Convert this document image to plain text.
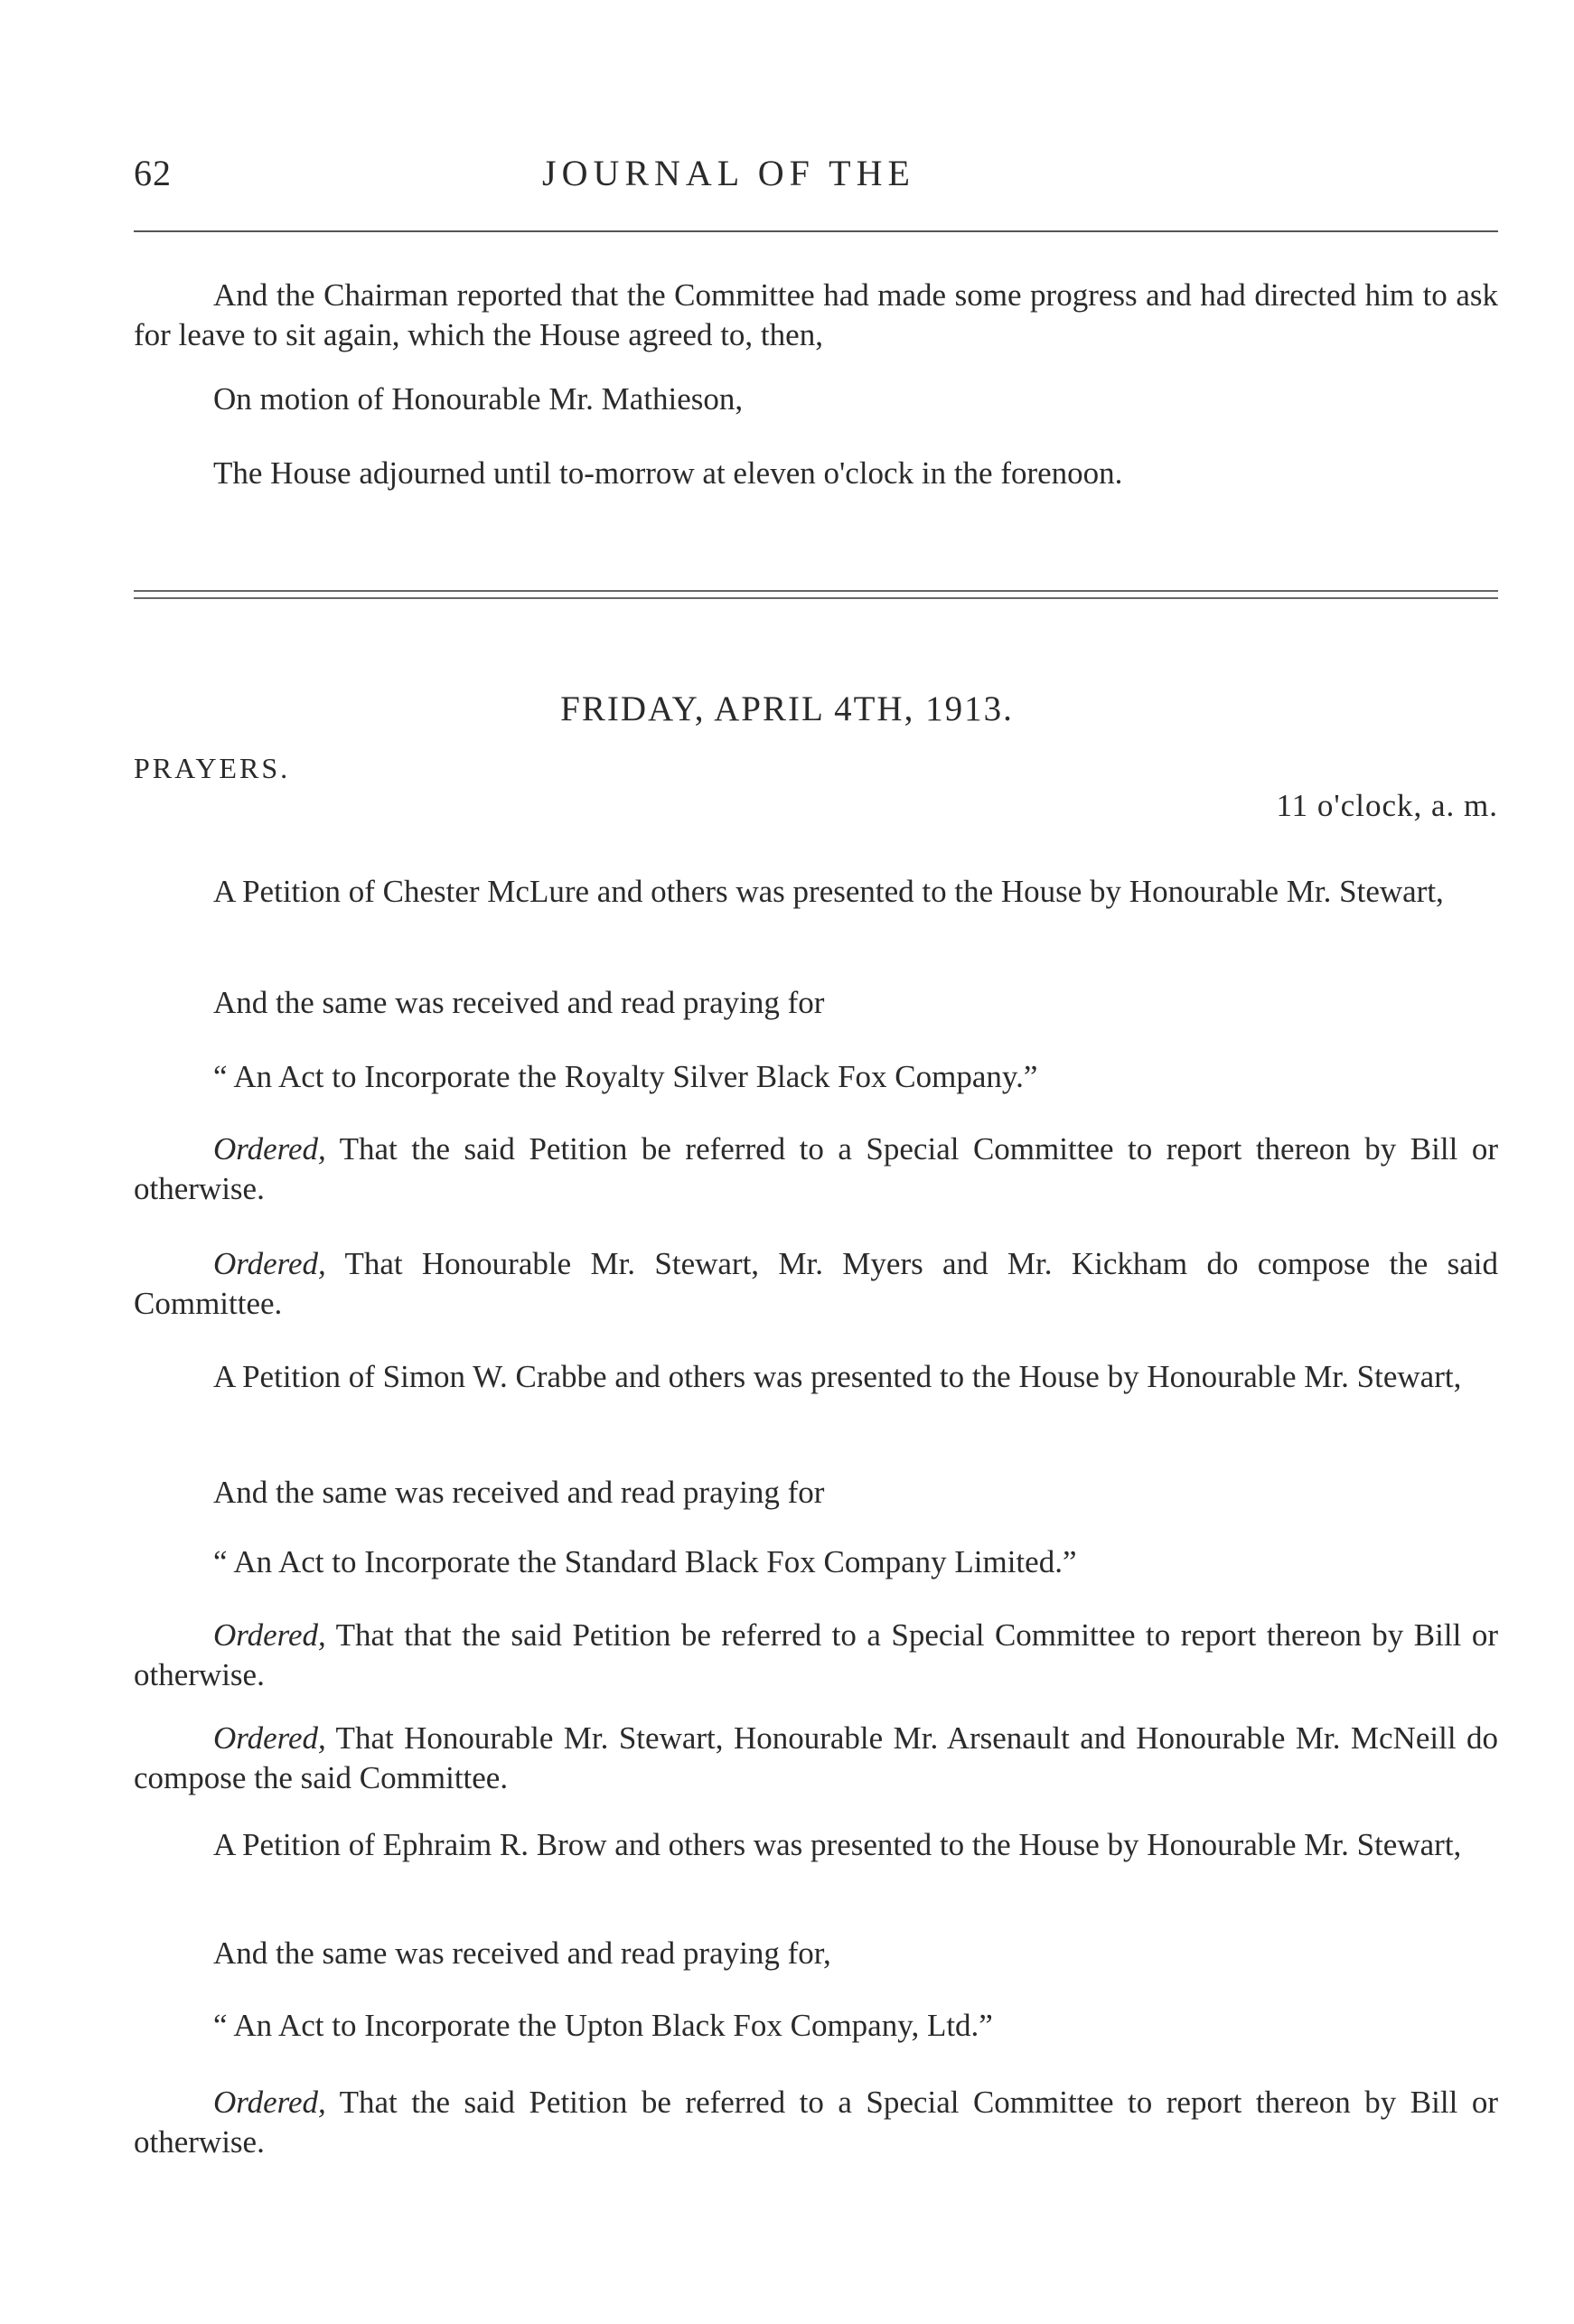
62	JOURNAL OF THE
And the Chairman reported that the Committee had made some progress and had directed him to ask for leave to sit again, which the House agreed to, then,
On motion of Honourable Mr. Mathieson,
The House adjourned until to-morrow at eleven o'clock in the forenoon.
FRIDAY, APRIL 4TH, 1913.
PRAYERS.
11 o'clock, a. m.
A Petition of Chester McLure and others was presented to the House by Honourable Mr. Stewart,
And the same was received and read praying for
“ An Act to Incorporate the Royalty Silver Black Fox Company.”
Ordered, That the said Petition be referred to a Special Committee to report thereon by Bill or otherwise.
Ordered, That Honourable Mr. Stewart, Mr. Myers and Mr. Kickham do compose the said Committee.
A Petition of Simon W. Crabbe and others was presented to the House by Honourable Mr. Stewart,
And the same was received and read praying for
“ An Act to Incorporate the Standard Black Fox Company Limited.”
Ordered, That that the said Petition be referred to a Special Committee to report thereon by Bill or otherwise.
Ordered, That Honourable Mr. Stewart, Honourable Mr. Arsenault and Honourable Mr. McNeill do compose the said Committee.
A Petition of Ephraim R. Brow and others was presented to the House by Honourable Mr. Stewart,
And the same was received and read praying for,
“ An Act to Incorporate the Upton Black Fox Company, Ltd.”
Ordered, That the said Petition be referred to a Special Committee to report thereon by Bill or otherwise.
